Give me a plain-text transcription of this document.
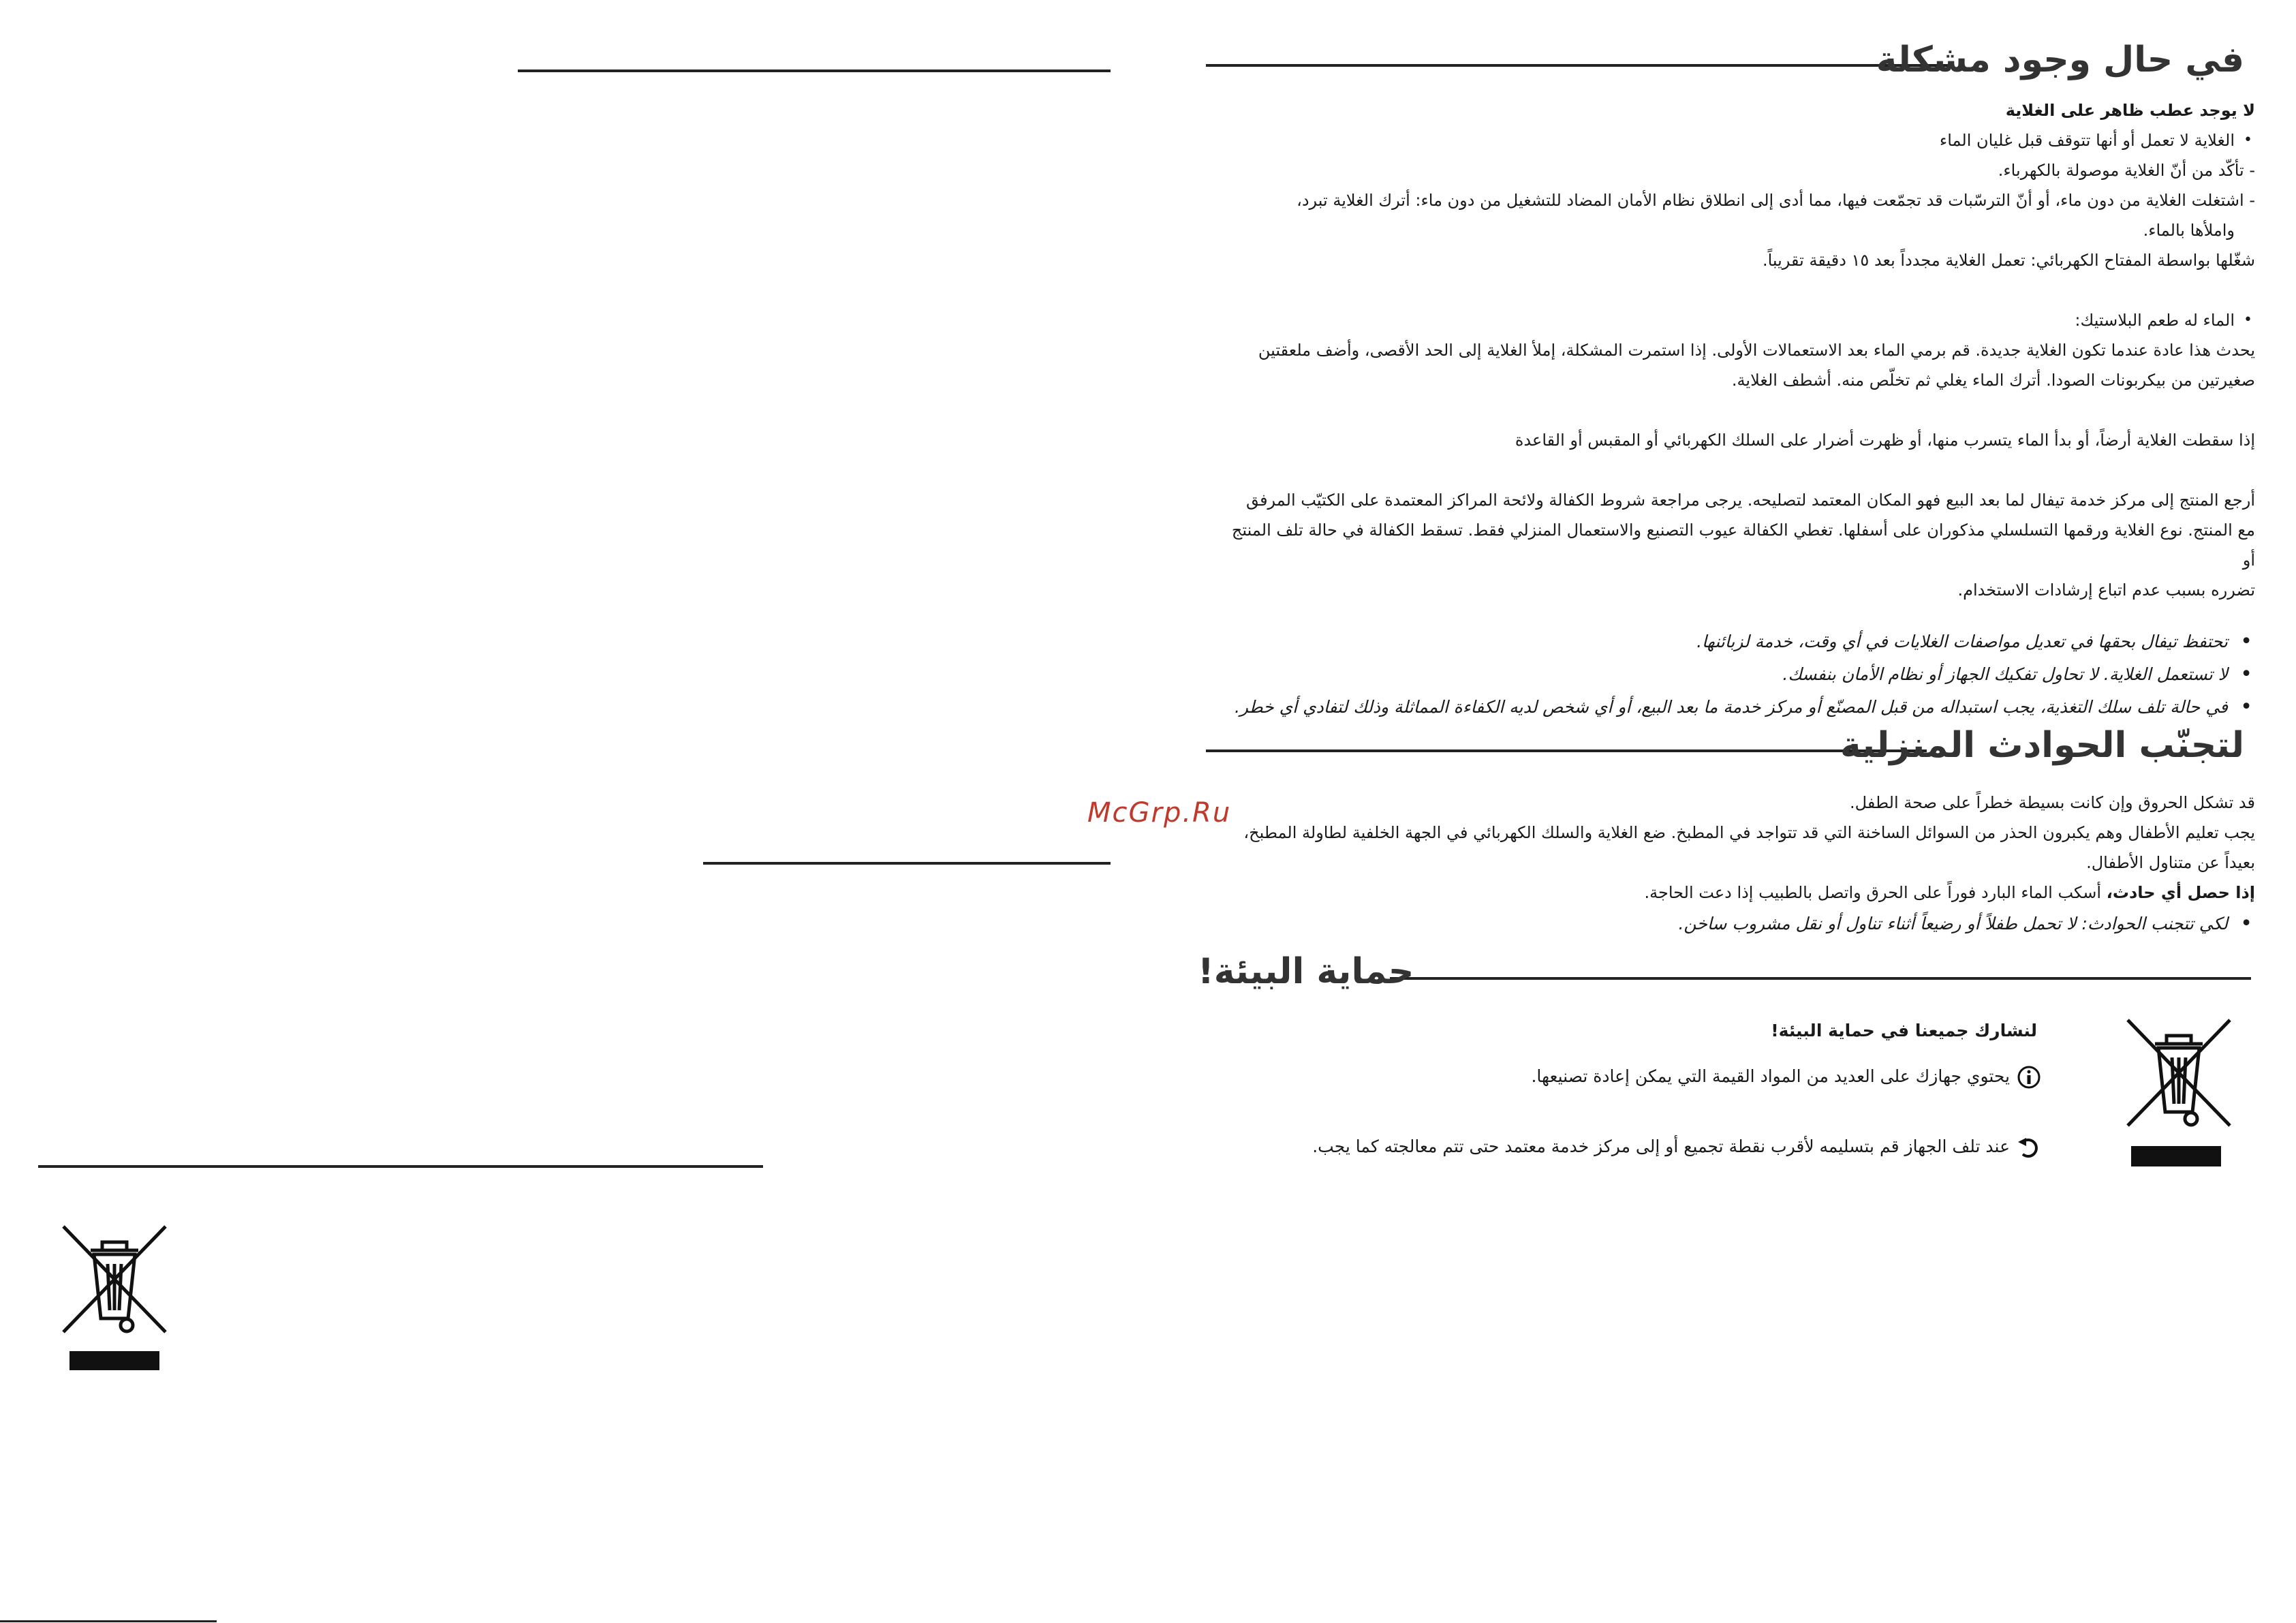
McGrp.Ru
في حال وجود مشكلة

لا يوجد عطب ظاهر على الغلاية

• الغلاية لا تعمل أو أنها تتوقف قبل غليان الماء

- تأكّد من أنّ الغلاية موصولة بالكهرباء.

- اشتغلت الغلاية من دون ماء، أو أنّ الترسّبات قد تجمّعت فيها، مما أدى إلى انطلاق نظام الأمان المضاد للتشغيل من دون ماء: أترك الغلاية تبرد،

واملأها بالماء.

شغّلها بواسطة المفتاح الكهربائي: تعمل الغلاية مجدداً بعد ١٥ دقيقة تقريباً.

• الماء له طعم البلاستيك:

يحدث هذا عادة عندما تكون الغلاية جديدة. قم برمي الماء بعد الاستعمالات الأولى. إذا استمرت المشكلة، إملأ الغلاية إلى الحد الأقصى، وأضف ملعقتين

صغيرتين من بيكربونات الصودا. أترك الماء يغلي ثم تخلّص منه. أشطف الغلاية.

إذا سقطت الغلاية أرضاً، أو بدأ الماء يتسرب منها، أو ظهرت أضرار على السلك الكهربائي أو المقبس أو القاعدة

أرجع المنتج إلى مركز خدمة تيفال لما بعد البيع فهو المكان المعتمد لتصليحه. يرجى مراجعة شروط الكفالة ولائحة المراكز المعتمدة على الكتيّب المرفق

مع المنتج. نوع الغلاية ورقمها التسلسلي مذكوران على أسفلها. تغطي الكفالة عيوب التصنيع والاستعمال المنزلي فقط. تسقط الكفالة في حالة تلف المنتج أو

تضرره بسبب عدم اتباع إرشادات الاستخدام.

• تحتفظ تيفال بحقها في تعديل مواصفات الغلايات في أي وقت، خدمة لزبائنها.

• لا تستعمل الغلاية. لا تحاول تفكيك الجهاز أو نظام الأمان بنفسك.

• في حالة تلف سلك التغذية، يجب استبداله من قبل المصنّع أو مركز خدمة ما بعد البيع، أو أي شخص لديه الكفاءة المماثلة وذلك لتفادي أي خطر.

لتجنّب الحوادث المنزلية

قد تشكل الحروق وإن كانت بسيطة خطراً على صحة الطفل.

يجب تعليم الأطفال وهم يكبرون الحذر من السوائل الساخنة التي قد تتواجد في المطبخ. ضع الغلاية والسلك الكهربائي في الجهة الخلفية لطاولة المطبخ،

بعيداً عن متناول الأطفال.

إذا حصل أي حادث، أسكب الماء البارد فوراً على الحرق واتصل بالطبيب إذا دعت الحاجة.

• لكي تتجنب الحوادث: لا تحمل طفلاً أو رضيعاً أثناء تناول أو نقل مشروب ساخن.

حماية البيئة!
لنشارك جميعنا في حماية البيئة!
يحتوي جهازك على العديد من المواد القيمة التي يمكن إعادة تصنيعها.
عند تلف الجهاز قم بتسليمه لأقرب نقطة تجميع أو إلى مركز خدمة معتمد حتى تتم معالجته كما يجب.
